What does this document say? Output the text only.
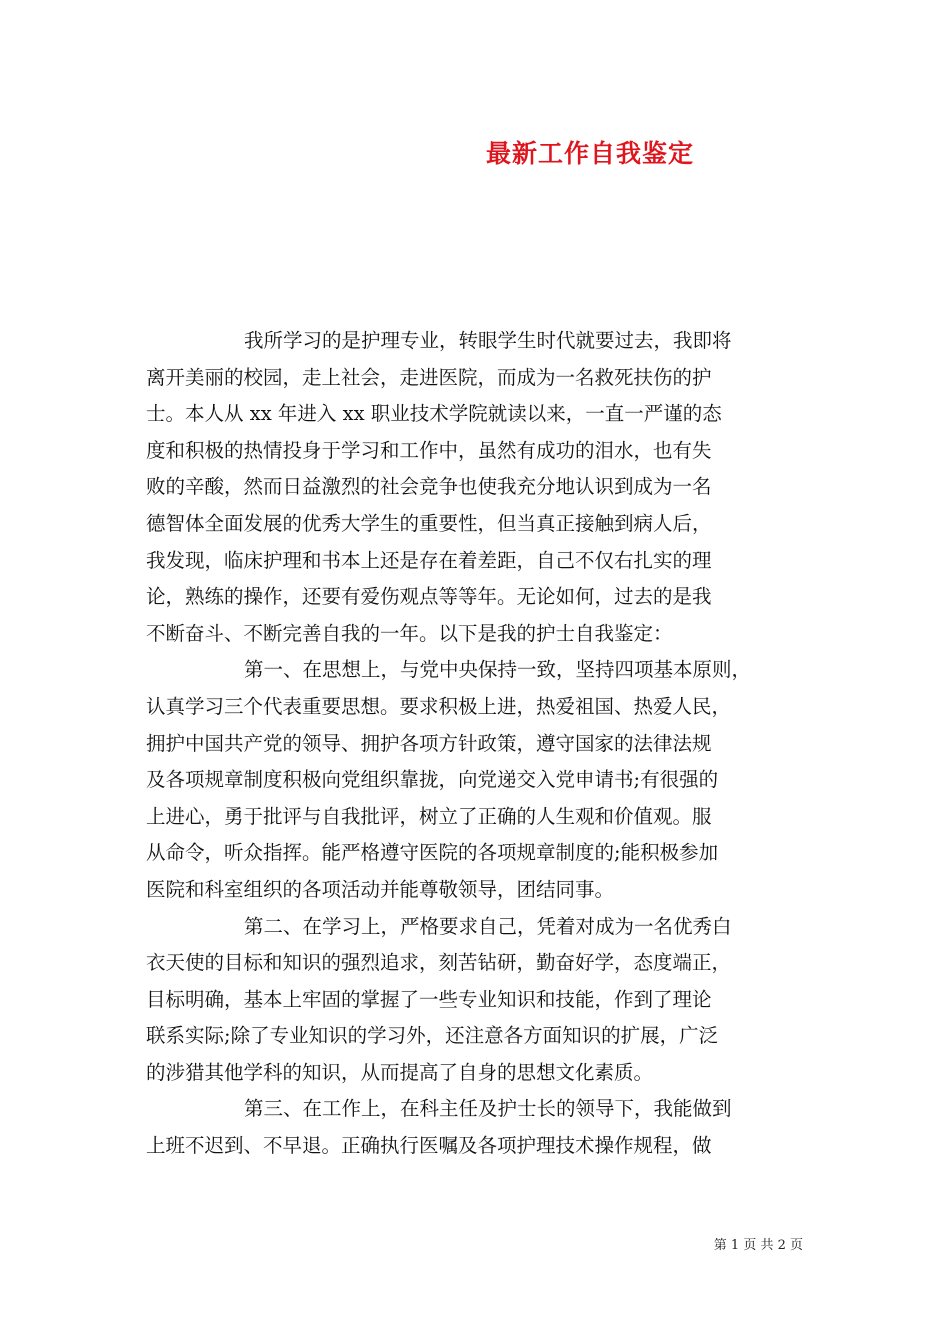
最新工作自我鉴定
我所学习的是护理专业，转眼学生时代就要过去，我即将
离开美丽的校园，走上社会，走进医院，而成为一名救死扶伤的护
士。本人从 xx 年进入 xx 职业技术学院就读以来，一直一严谨的态
度和积极的热情投身于学习和工作中，虽然有成功的泪水，也有失
败的辛酸，然而日益激烈的社会竞争也使我充分地认识到成为一名
德智体全面发展的优秀大学生的重要性，但当真正接触到病人后，
我发现，临床护理和书本上还是存在着差距，自己不仅右扎实的理
论，熟练的操作，还要有爱伤观点等等年。无论如何，过去的是我
不断奋斗、不断完善自我的一年。以下是我的护士自我鉴定：
第一、在思想上，与党中央保持一致，坚持四项基本原则，
认真学习三个代表重要思想。要求积极上进，热爱祖国、热爱人民，
拥护中国共产党的领导、拥护各项方针政策，遵守国家的法律法规
及各项规章制度积极向党组织靠拢，向党递交入党申请书;有很强的
上进心，勇于批评与自我批评，树立了正确的人生观和价值观。服
从命令，听众指挥。能严格遵守医院的各项规章制度的;能积极参加
医院和科室组织的各项活动并能尊敬领导，团结同事。
第二、在学习上，严格要求自己，凭着对成为一名优秀白
衣天使的目标和知识的强烈追求，刻苦钻研，勤奋好学，态度端正，
目标明确，基本上牢固的掌握了一些专业知识和技能，作到了理论
联系实际;除了专业知识的学习外，还注意各方面知识的扩展，广泛
的涉猎其他学科的知识，从而提高了自身的思想文化素质。
第三、在工作上，在科主任及护士长的领导下，我能做到
上班不迟到、不早退。正确执行医嘱及各项护理技术操作规程，做
第 1 页 共 2 页
